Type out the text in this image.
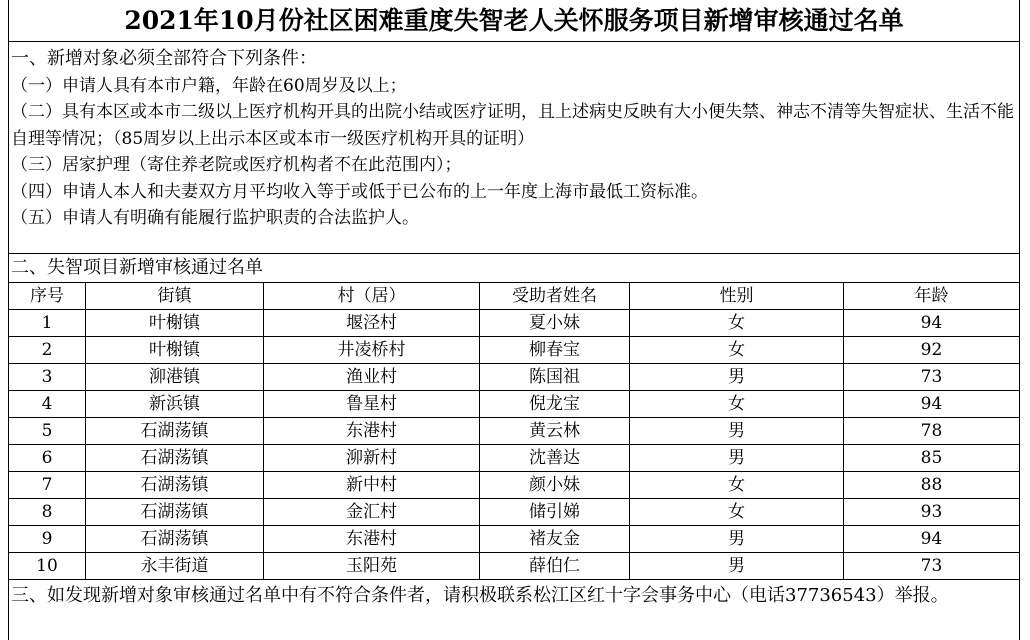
2021年10月份社区困难重度失智老人关怀服务项目新增审核通过名单
一、新增对象必须全部符合下列条件：
（一）申请人具有本市户籍，年龄在60周岁及以上；
（二）具有本区或本市二级以上医疗机构开具的出院小结或医疗证明，且上述病史反映有大小便失禁、神志不清等失智症状、生活不能自理等情况；（85周岁以上出示本区或本市一级医疗机构开具的证明）
（三）居家护理（寄住养老院或医疗机构者不在此范围内）；
（四）申请人本人和夫妻双方月平均收入等于或低于已公布的上一年度上海市最低工资标准。
（五）申请人有明确有能履行监护职责的合法监护人。
二、失智项目新增审核通过名单
序号	街镇	村（居）	受助者姓名	性别	年龄
1	叶榭镇	堰泾村	夏小妹	女	94
2	叶榭镇	井凌桥村	柳春宝	女	92
3	泖港镇	渔业村	陈国祖	男	73
4	新浜镇	鲁星村	倪龙宝	女	94
5	石湖荡镇	东港村	黄云林	男	78
6	石湖荡镇	泖新村	沈善达	男	85
7	石湖荡镇	新中村	颜小妹	女	88
8	石湖荡镇	金汇村	储引娣	女	93
9	石湖荡镇	东港村	褚友金	男	94
10	永丰街道	玉阳苑	薛伯仁	男	73
三、如发现新增对象审核通过名单中有不符合条件者，请积极联系松江区红十字会事务中心（电话37736543）举报。
